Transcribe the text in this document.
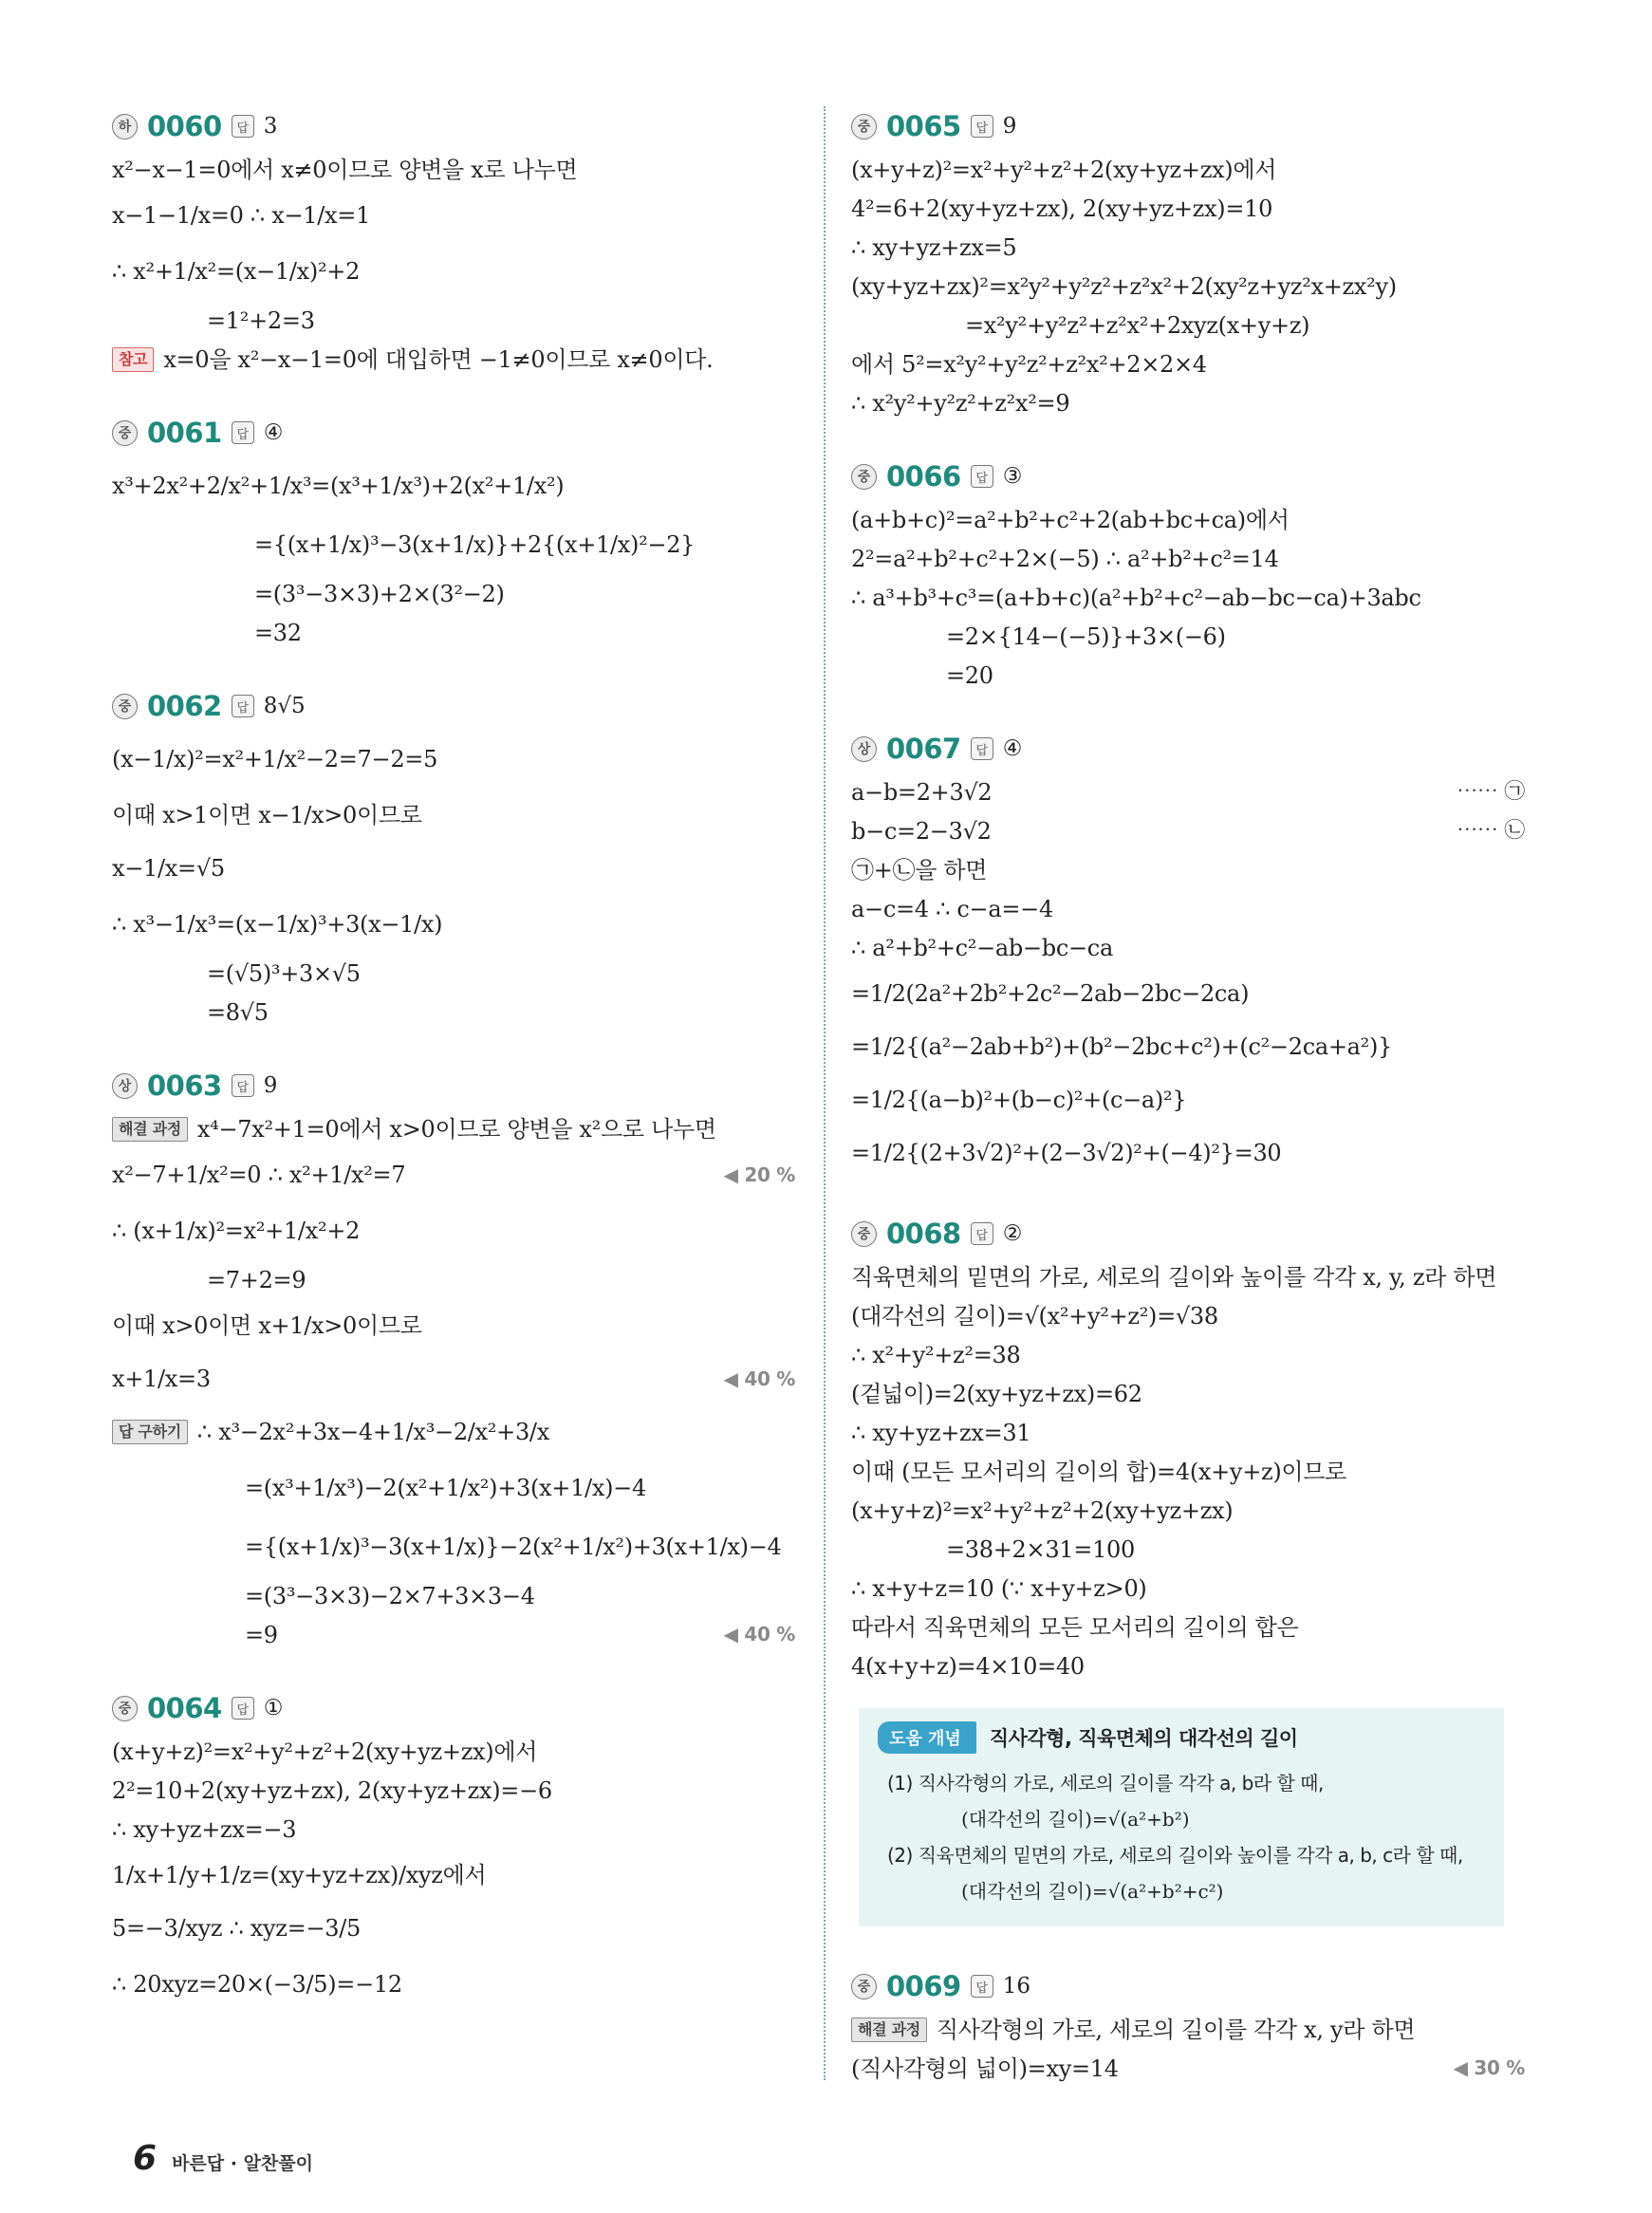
하 0060	답 3
x²−x−1=0에서 x≠0이므로 양변을 x로 나누면
x−1−1/x=0 ∴ x−1/x=1
∴ x²+1/x²=(x−1/x)²+2
=1²+2=3
참고 x=0을 x²−x−1=0에 대입하면 −1≠0이므로 x≠0이다.
중 0061	답 ④
x³+2x²+2/x²+1/x³=(x³+1/x³)+2(x²+1/x²)
={(x+1/x)³−3(x+1/x)}+2{(x+1/x)²−2}
=(3³−3×3)+2×(3²−2)
=32
중 0062	답 8√5
(x−1/x)²=x²+1/x²−2=7−2=5
이때 x>1이면 x−1/x>0이므로
x−1/x=√5
∴ x³−1/x³=(x−1/x)³+3(x−1/x)
=(√5)³+3×√5
=8√5
상 0063	답 9
해결 과정 x⁴−7x²+1=0에서 x>0이므로 양변을 x²으로 나누면
x²−7+1/x²=0 ∴ x²+1/x²=7	◀ 20 %
∴ (x+1/x)²=x²+1/x²+2
=7+2=9
이때 x>0이면 x+1/x>0이므로
x+1/x=3	◀ 40 %
답 구하기 ∴ x³−2x²+3x−4+1/x³−2/x²+3/x
=(x³+1/x³)−2(x²+1/x²)+3(x+1/x)−4
={(x+1/x)³−3(x+1/x)}−2(x²+1/x²)+3(x+1/x)−4
=(3³−3×3)−2×7+3×3−4
=9	◀ 40 %
중 0064	답 ①
(x+y+z)²=x²+y²+z²+2(xy+yz+zx)에서
2²=10+2(xy+yz+zx), 2(xy+yz+zx)=−6
∴ xy+yz+zx=−3
1/x+1/y+1/z=(xy+yz+zx)/xyz에서
5=−3/xyz ∴ xyz=−3/5
∴ 20xyz=20×(−3/5)=−12
중 0065	답 9
(x+y+z)²=x²+y²+z²+2(xy+yz+zx)에서
4²=6+2(xy+yz+zx), 2(xy+yz+zx)=10
∴ xy+yz+zx=5
(xy+yz+zx)²=x²y²+y²z²+z²x²+2(xy²z+yz²x+zx²y)
=x²y²+y²z²+z²x²+2xyz(x+y+z)
에서 5²=x²y²+y²z²+z²x²+2×2×4
∴ x²y²+y²z²+z²x²=9
중 0066	답 ③
(a+b+c)²=a²+b²+c²+2(ab+bc+ca)에서
2²=a²+b²+c²+2×(−5) ∴ a²+b²+c²=14
∴ a³+b³+c³=(a+b+c)(a²+b²+c²−ab−bc−ca)+3abc
=2×{14−(−5)}+3×(−6)
=20
상 0067	답 ④
a−b=2+3√2	⋯⋯ ㉠
b−c=2−3√2	⋯⋯ ㉡
㉠+㉡을 하면
a−c=4 ∴ c−a=−4
∴ a²+b²+c²−ab−bc−ca
=1/2(2a²+2b²+2c²−2ab−2bc−2ca)
=1/2{(a²−2ab+b²)+(b²−2bc+c²)+(c²−2ca+a²)}
=1/2{(a−b)²+(b−c)²+(c−a)²}
=1/2{(2+3√2)²+(2−3√2)²+(−4)²}=30
중 0068	답 ②
직육면체의 밑면의 가로, 세로의 길이와 높이를 각각 x, y, z라 하면
(대각선의 길이)=√(x²+y²+z²)=√38
∴ x²+y²+z²=38
(겉넓이)=2(xy+yz+zx)=62
∴ xy+yz+zx=31
이때 (모든 모서리의 길이의 합)=4(x+y+z)이므로
(x+y+z)²=x²+y²+z²+2(xy+yz+zx)
=38+2×31=100
∴ x+y+z=10 (∵ x+y+z>0)
따라서 직육면체의 모든 모서리의 길이의 합은
4(x+y+z)=4×10=40
도움 개념	직사각형, 직육면체의 대각선의 길이
(1) 직사각형의 가로, 세로의 길이를 각각 a, b라 할 때,
(대각선의 길이)=√(a²+b²)
(2) 직육면체의 밑면의 가로, 세로의 길이와 높이를 각각 a, b, c라 할 때,
(대각선의 길이)=√(a²+b²+c²)
중 0069	답 16
해결 과정 직사각형의 가로, 세로의 길이를 각각 x, y라 하면
(직사각형의 넓이)=xy=14	◀ 30 %
6 바른답 · 알찬풀이
